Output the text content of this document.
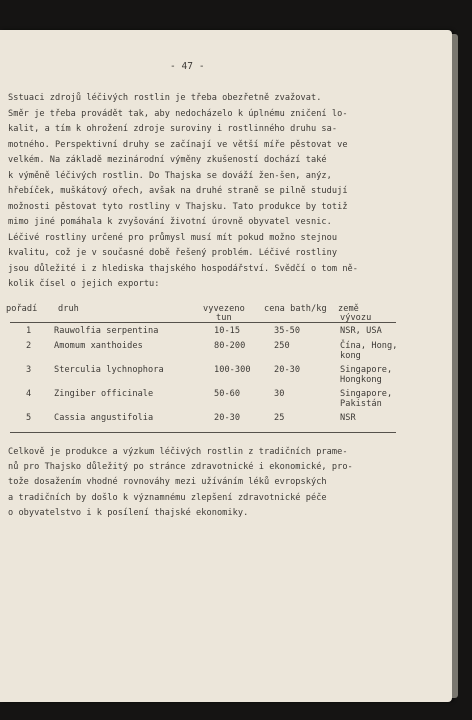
- 47 -
Sstuaci zdrojů léčivých rostlin je třeba obezřetně zvažovat.
Směr je třeba provádět tak, aby nedocházelo k úplnému zničení lo-
kalit, a tím k ohrožení zdroje suroviny i rostlinného druhu sa-
motného. Perspektivní druhy se začínají ve větší míře pěstovat ve
velkém. Na základě mezinárodní výměny zkušeností dochází také
k výměně léčivých rostlin. Do Thajska se dováží žen-šen, anýz,
hřebíček, muškátový ořech, avšak na druhé straně se pilně studují
možnosti pěstovat tyto rostliny v Thajsku. Tato produkce by totiž
mimo jiné pomáhala k zvyšování životní úrovně obyvatel vesnic.
Léčivé rostliny určené pro průmysl musí mít pokud možno stejnou
kvalitu, což je v současné době řešený problém. Léčivé rostliny
jsou důležité i z hlediska thajského hospodářství. Svědčí o tom ně-
kolik čísel o jejich exportu:
pořadí druh	vyvezeno
tun
cena bath/kg země
vývozu
1	Rauwolfia serpentina	10-15	35-50	NSR, USA
2	Amomum xanthoides	80-200	250	Čína, Hong,
kong
3	Sterculia lychnophora	100-300	20-30	Singapore,
Hongkong
4	Zingiber officinale	50-60	30	Singapore,
Pakistán
5	Cassia angustifolia	20-30	25	NSR
Celkově je produkce a výzkum léčivých rostlin z tradičních prame-
nů pro Thajsko důležitý po stránce zdravotnické i ekonomické, pro-
tože dosažením vhodné rovnováhy mezi užíváním léků evropských
a tradičních by došlo k významnému zlepšení zdravotnické péče
o obyvatelstvo i k posílení thajské ekonomiky.
